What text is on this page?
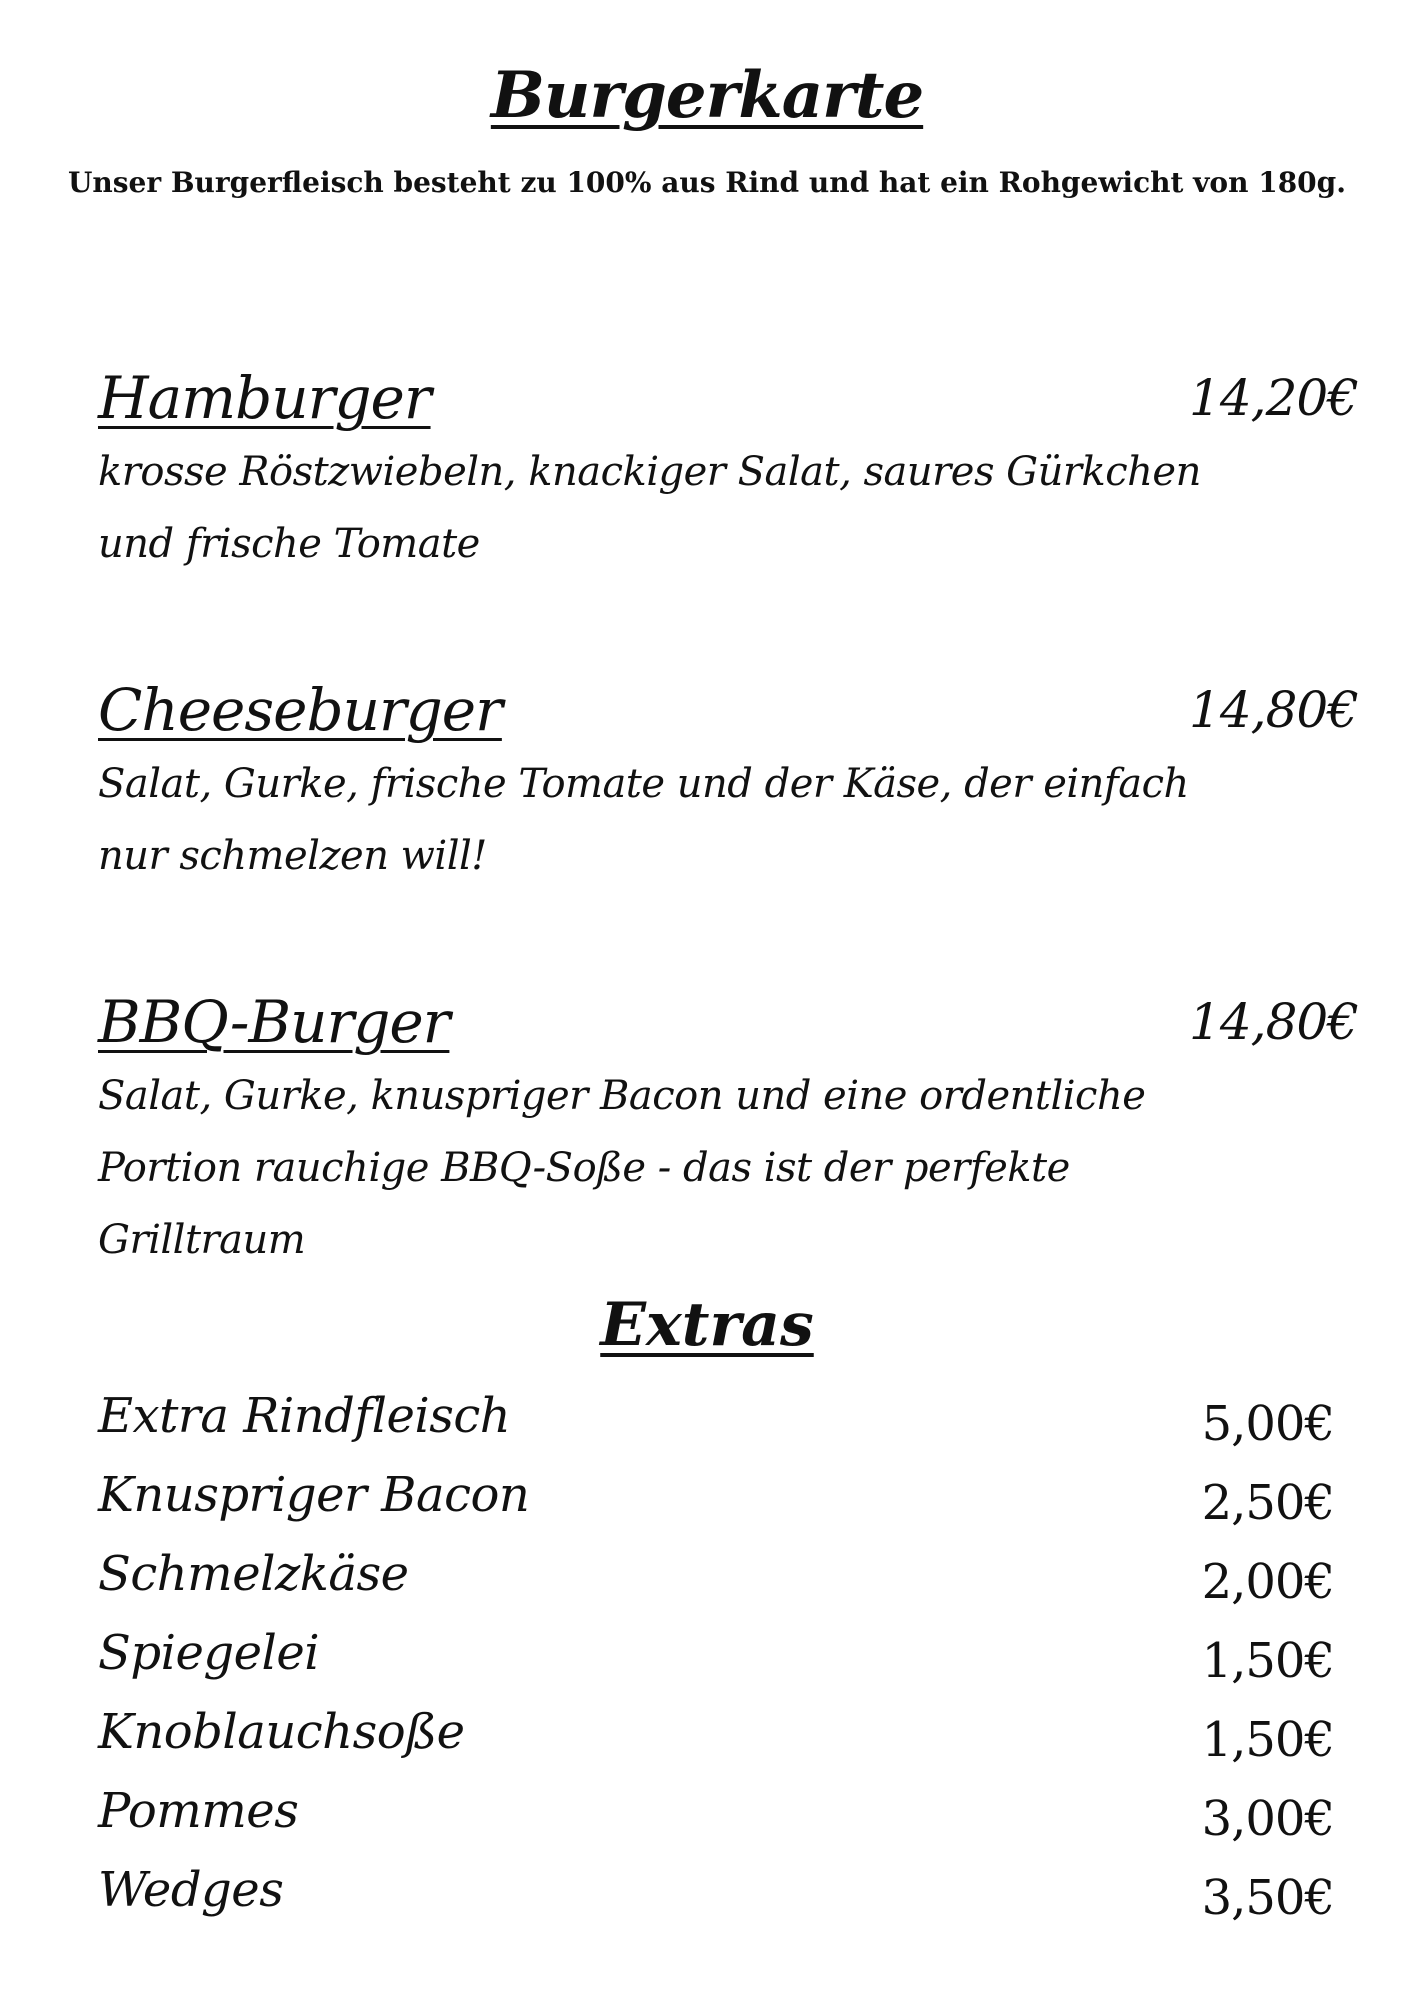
Burgerkarte
Unser Burgerfleisch besteht zu 100% aus Rind und hat ein Rohgewicht von 180g.
Hamburger	14,20€
krosse Röstzwiebeln, knackiger Salat, saures Gürkchen und frische Tomate
Cheeseburger	14,80€
Salat, Gurke, frische Tomate und der Käse, der einfach nur schmelzen will!
BBQ-Burger	14,80€
Salat, Gurke, knuspriger Bacon und eine ordentliche Portion rauchige BBQ-Soße - das ist der perfekte Grilltraum
Extras
Extra Rindfleisch	5,00€
Knuspriger Bacon	2,50€
Schmelzkäse	2,00€
Spiegelei	1,50€
Knoblauchsoße	1,50€
Pommes	3,00€
Wedges	3,50€
